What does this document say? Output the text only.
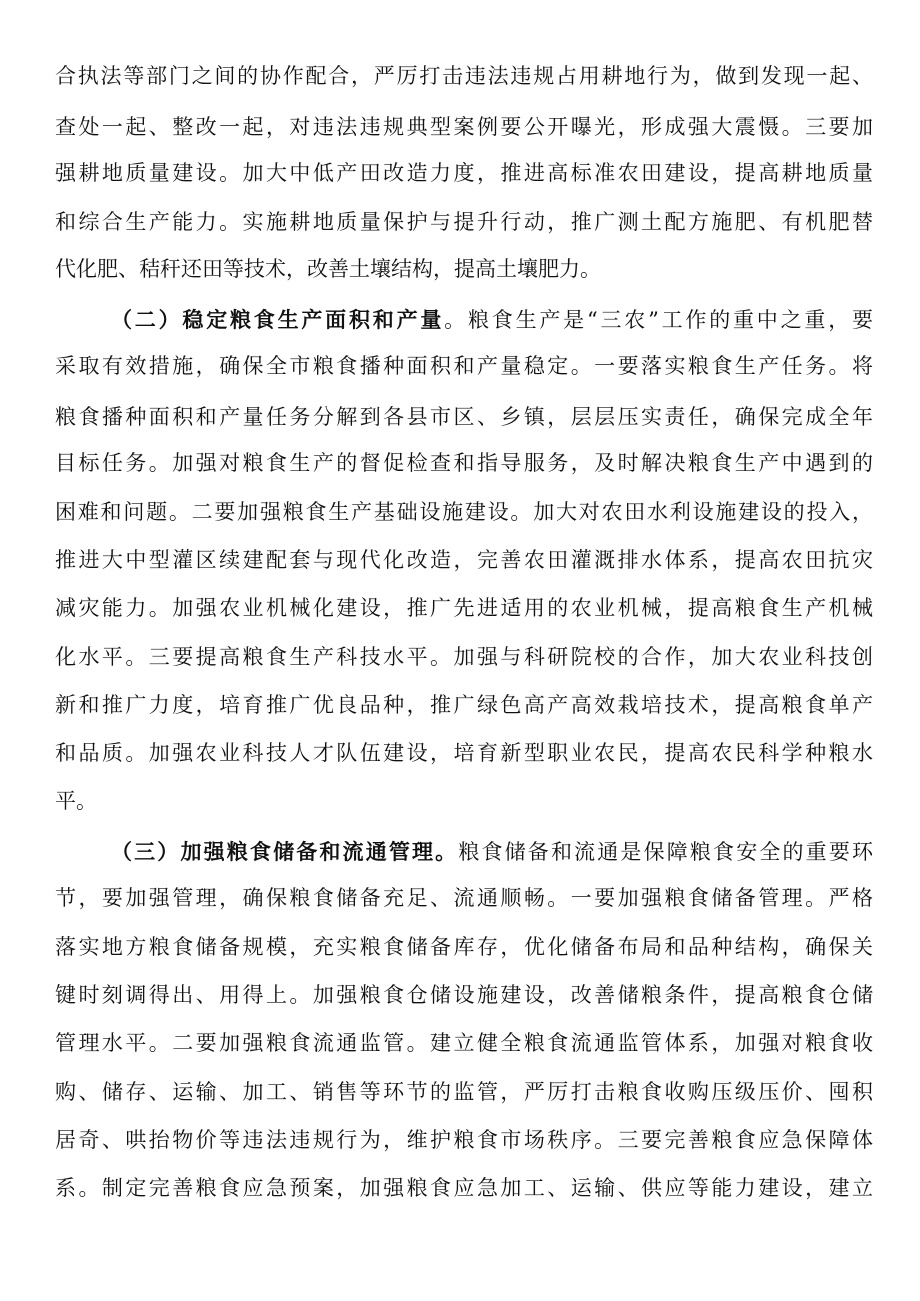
合执法等部门之间的协作配合，严厉打击违法违规占用耕地行为，做到发现一起、
查处一起、整改一起，对违法违规典型案例要公开曝光，形成强大震慑。三要加
强耕地质量建设。加大中低产田改造力度，推进高标准农田建设，提高耕地质量
和综合生产能力。实施耕地质量保护与提升行动，推广测土配方施肥、有机肥替
代化肥、秸秆还田等技术，改善土壤结构，提高土壤肥力。
（二）稳定粮食生产面积和产量。粮食生产是“三农”工作的重中之重，要
采取有效措施，确保全市粮食播种面积和产量稳定。一要落实粮食生产任务。将
粮食播种面积和产量任务分解到各县市区、乡镇，层层压实责任，确保完成全年
目标任务。加强对粮食生产的督促检查和指导服务，及时解决粮食生产中遇到的
困难和问题。二要加强粮食生产基础设施建设。加大对农田水利设施建设的投入，
推进大中型灌区续建配套与现代化改造，完善农田灌溉排水体系，提高农田抗灾
减灾能力。加强农业机械化建设，推广先进适用的农业机械，提高粮食生产机械
化水平。三要提高粮食生产科技水平。加强与科研院校的合作，加大农业科技创
新和推广力度，培育推广优良品种，推广绿色高产高效栽培技术，提高粮食单产
和品质。加强农业科技人才队伍建设，培育新型职业农民，提高农民科学种粮水
平。
（三）加强粮食储备和流通管理。粮食储备和流通是保障粮食安全的重要环
节，要加强管理，确保粮食储备充足、流通顺畅。一要加强粮食储备管理。严格
落实地方粮食储备规模，充实粮食储备库存，优化储备布局和品种结构，确保关
键时刻调得出、用得上。加强粮食仓储设施建设，改善储粮条件，提高粮食仓储
管理水平。二要加强粮食流通监管。建立健全粮食流通监管体系，加强对粮食收
购、储存、运输、加工、销售等环节的监管，严厉打击粮食收购压级压价、囤积
居奇、哄抬物价等违法违规行为，维护粮食市场秩序。三要完善粮食应急保障体
系。制定完善粮食应急预案，加强粮食应急加工、运输、供应等能力建设，建立
